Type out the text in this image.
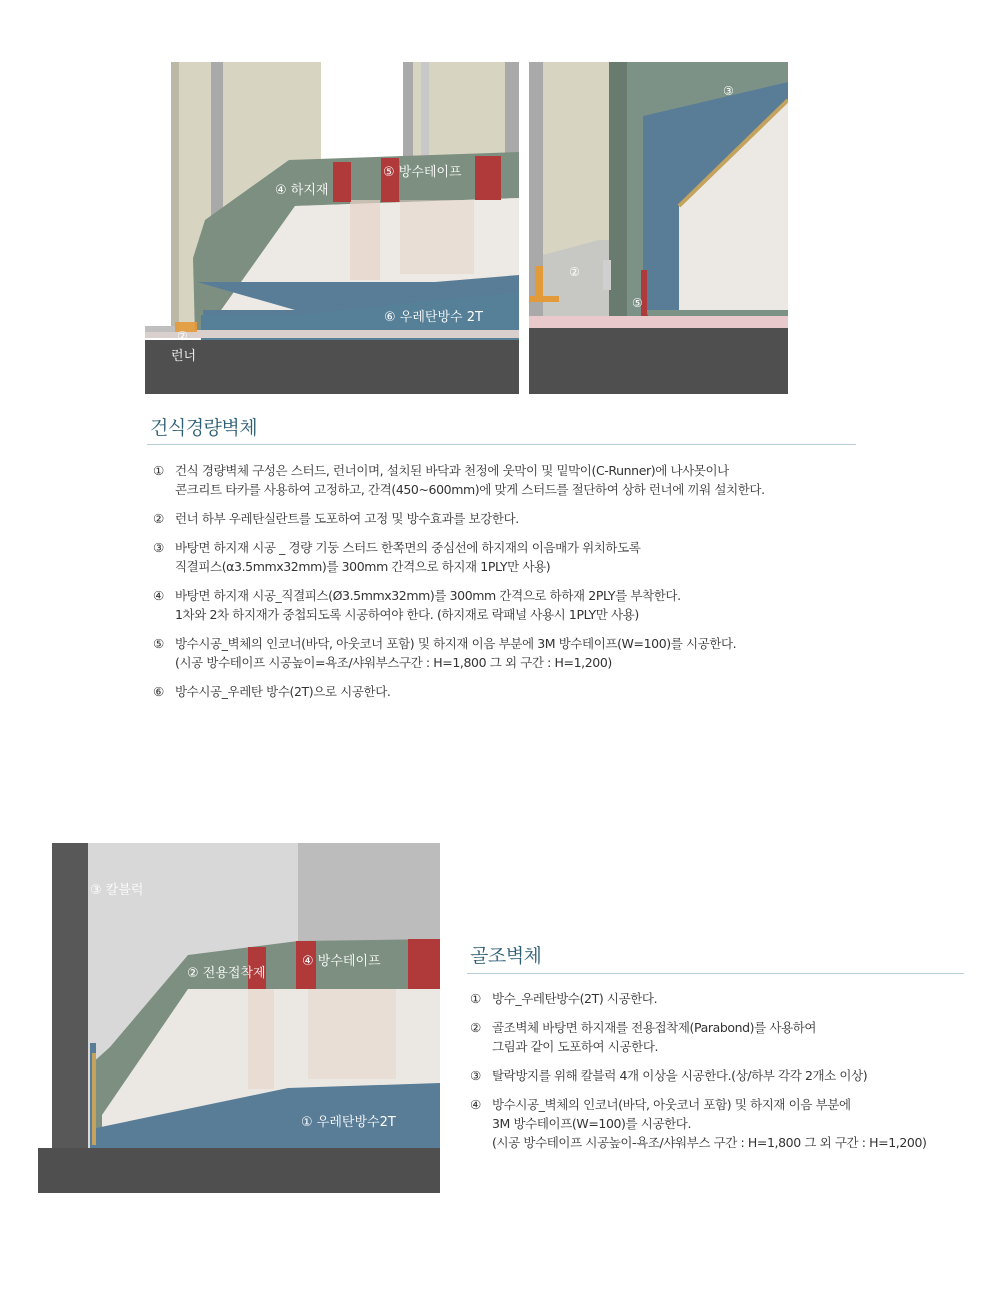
④ 하지재
⑤ 방수테이프
⑥ 우레탄방수 2T
②
런너
③
②
⑤
건식경량벽체
① 건식 경량벽체 구성은 스터드, 런너이며, 설치된 바닥과 천정에 웃막이 및 밑막이(C-Runner)에 나사못이나
콘크리트 타카를 사용하여 고정하고, 간격(450~600mm)에 맞게 스터드를 절단하여 상하 런너에 끼워 설치한다.
② 런너 하부 우레탄실란트를 도포하여 고정 및 방수효과를 보강한다.
③ 바탕면 하지재 시공 _ 경량 기둥 스터드 한쪽면의 중심선에 하지재의 이음매가 위치하도록
직결피스(α3.5mmx32mm)를 300mm 간격으로 하지재 1PLY만 사용)
④ 바탕면 하지재 시공_직결피스(Ø3.5mmx32mm)를 300mm 간격으로 하하재 2PLY를 부착한다.
1차와 2차 하지재가 중첩되도록 시공하여야 한다. (하지재로 락패널 사용시 1PLY만 사용)
⑤ 방수시공_벽체의 인코너(바닥, 아웃코너 포함) 및 하지재 이음 부분에 3M 방수테이프(W=100)를 시공한다.
(시공 방수테이프 시공높이=욕조/샤워부스구간 : H=1,800 그 외 구간 : H=1,200)
⑥ 방수시공_우레탄 방수(2T)으로 시공한다.
③ 칼블럭
② 전용접착제
④ 방수테이프
① 우레탄방수2T
골조벽체
① 방수_우레탄방수(2T) 시공한다.
② 골조벽체 바탕면 하지재를 전용접착제(Parabond)를 사용하여
그림과 같이 도포하여 시공한다.
③ 탈락방지를 위해 칼블럭 4개 이상을 시공한다.(상/하부 각각 2개소 이상)
④ 방수시공_벽체의 인코너(바닥, 아웃코너 포함) 및 하지재 이음 부분에
3M 방수테이프(W=100)를 시공한다.
(시공 방수테이프 시공높이-욕조/샤워부스 구간 : H=1,800 그 외 구간 : H=1,200)
